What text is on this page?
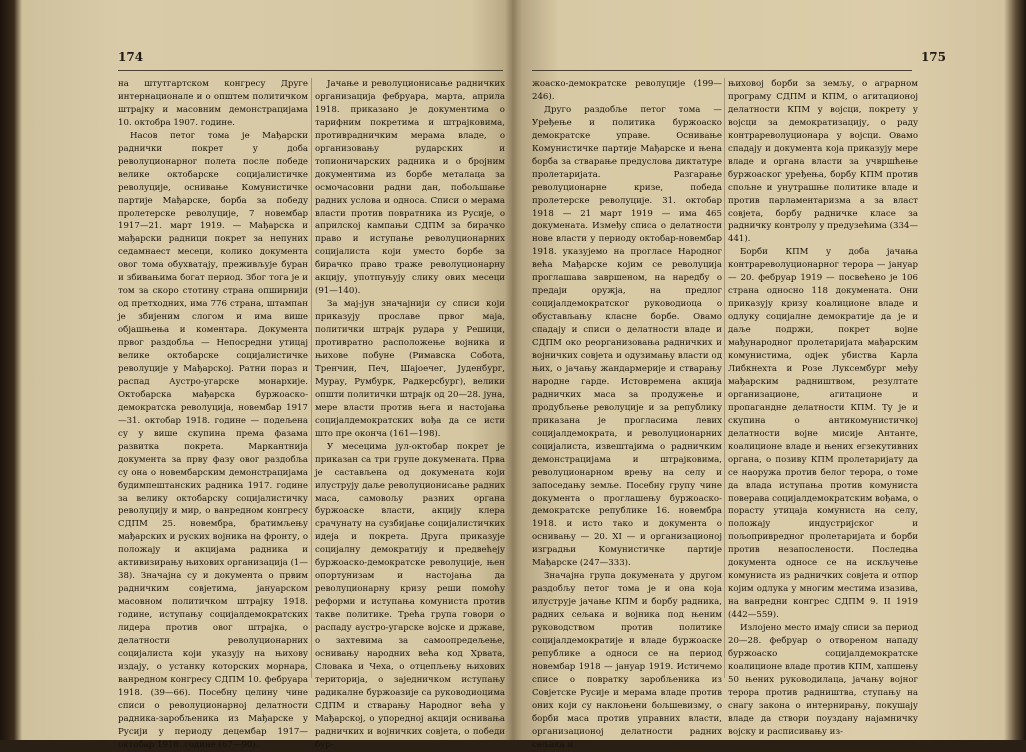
174

на штутгартском конгресу Друге интернационале и о општем политичком штрајку и масовним демонстрацијама 10. октобра 1907. године.

Насов петог тома је Мађарски раднички покрет у доба револуционарног полета после победе велике октобарске социјалистичке револуције, оснивање Комунистичке партије Мађарске, борба за победу пролетерске револуције, 7 новембар 1917—21. март 1919. — Мађарска и мађарски радници покрет за непуних седамнаест месеци, колико документа овог тома обухватају, преживљује буран и збивањима богат период. Због тога је и том за скоро стотину страна опширнији од претходних, има 776 страна, штампан је збијеним слогом и има више објашњења и коментара. Документа првог раздобља — Непосредни утицај велике октобарске социјалистичке револуције у Мађарској. Ратни пораз и распад Аустро-угарске монархије. Октобарска мађарска буржоаско-демократска револуција, новембар 1917—31. октобар 1918. године — подељена су у више скупина према фазама развитка покрета. Маркантнија документа за прву фазу овог раздобља су она о новембарским демонстрацијама будимпештанских радника 1917. године за велику октобарску социјалистичку револуцију и мир, о ванредном конгресу СДПМ 25. новембра, братимљењу мађарских и руских војника на фронту, о положају и акцијама радника и активизирању њихових организација (1—38). Значајна су и документа о првим радничким совјетима, јануарском масовном политичком штрајку 1918. године, иступању социјалдемократских лидера против овог штрајка, о делатности револуционарних социјалиста који указују на њихову издају, о устанку которских морнара, ванредном конгресу СДПМ 10. фебруара 1918. (39—66). Посебну целину чине списи о револуционарној делатности радника-заробљеника из Мађарске у Русији у периоду децембар 1917— октобар 1918. године (67—90).

Јачање и револуционисање радничких организација фебруара, марта, априла 1918. приказано је документима о тарифним покретима и штрајковима, противрадничким мерама владе, о организовању рударских и топионичарских радника и о бројним документима из борбе металаца за осмочасовни радни дан, побољшање радних услова и односа. Списи о мерама власти против повратника из Русије, о априлској кампањи СДПМ за бирачко право и иступање револуционарних социјалиста који уместо борбе за бирачко право траже револуционарну акцију, употпуњују слику ових месеци (91—140).

За мај-јун значајнији су списи који приказују прославе првог маја, политички штрајк рудара у Решици, противратно расположење војника и њихове побуне (Римавска Собота, Тренчин, Печ, Шајоечег, Јуденбург, Мурау, Румбурк, Радкерсбург), велики општи политички штрајк од 20—28. јуна, мере власти против њега и настојања социјалдемократских вођа да се исти што пре оконча (161—198).

У месецима јул-октобар покрет је приказан са три групе докумената. Прва је састављена од докумената који илуструју даље револуционисање радних маса, самовољу разних органа буржоаске власти, акцију клера срачунату на сузбијање социјалистичких идеја и покрета. Друга приказује социјалну демократију и предвећеју буржоаско-демократске револуције, њен опортунизам и настојања да револуционарну кризу реши помоћу реформи и иступања комуниста против такве политике. Трећа група говори о распаду аустро-угарске војске и државе, о захтевима за самоопредељење, оснивању народних већа код Хрвата, Словака и Чеха, о отцепљењу њихових територија, о заједничком иступању радикалне буржоазије са руководиоцима СДПМ и стварању Народног већа у Мађарској, о упоредној акцији оснивања радничких и војничких совјета, о победи бур-

175

жоаско-демократске револуције (199—246).

Друго раздобље петог тома — Уређење и политика буржоаско демократске управе. Оснивање Комунистичке партије Мађарске и њена борба за стварање предуслова диктатуре пролетаријата. Разгарање револуционарне кризе, победа пролетерске револуције. 31. октобар 1918 — 21 март 1919 — има 465 докумената. Између списа о делатности нове власти у периоду октобар-новембар 1918. указујемо на прогласе Народног већа Мађарске којим се револуција проглашава завршеном, на наредбу о предаји оружја, на предлог социјалдемократског руководиоца о обустављању класне борбе. Овамо спадају и списи о делатности владе и СДПМ око реорганизовања радничких и војничких совјета и одузимању власти од њих, о јачању жандармерије и стварању народне гарде. Истовремена акција радничких маса за продужење и продубљење револуције и за републику приказана је прогласима левих социјалдемократа, и револуционарних социјалиста, извештајима о радничким демонстрацијама и штрајковима, револуционарном врењу на селу и запоседању земље. Посебну групу чине документа о проглашењу буржоаско-демократске републике 16. новембра 1918. и исто тако и документа о оснивању — 20. XI — и организационој изградњи Комунистичке партије Мађарске (247—333).

Значајна група докумената у другом раздобљу петог тома је и она која илуструје јачање КПМ и борбу радника, радних сељака и војника под њеним руководством против политике социјалдемократије и владе буржоаске републике а односи се на период новембар 1918 — јануар 1919. Истичемо списе о повратку заробљеника из Совјетске Русије и мерама владе против оних који су наклоњени бољшевизму, о борби маса против управних власти, организационој делатности радних сељака и

њиховој борби за земљу, о аграрном програму СДПМ и КПМ, о агитационој делатности КПМ у војсци, покрету у војсци за демократизацију, о раду контрареволуционара у војсци. Овамо спадају и документа која приказују мере владе и органа власти за учвршћење буржоаског уређења, борбу КПМ против спољне и унутрашње политике владе и против парламентаризма а за власт совјета, борбу радничке класе за радничку контролу у предузећима (334—441).

Борби КПМ у доба јачања контрареволуционарног терора — јануар — 20. фебруар 1919 — посвећено је 106 страна односно 118 докумената. Они приказују кризу коалиционе владе и одлуку социјалне демократије да је и даље подржи, покрет војне мађународног пролетаријата мађарским комунистима, одјек убиства Карла Либкнехта и Розе Луксембург међу мађарским радништвом, резултате организационе, агитационе и пропагандне делатности КПМ. Ту је и скупина о антикомунистичкој делатности војне мисије Антанте, коалиционе владе и њених егзекутивних органа, о позиву КПМ пролетаријату да се наоружа против белог терора, о томе да влада иступања против комуниста поверава социјалдемократским вођама, о порасту утицаја комуниста на селу, положају индустријског и пољопривредног пролетаријата и борби против незапослености. Последња документа односе се на искључење комуниста из радничких совјета и отпор којим одлука у многим местима изазива, на ванредни конгрес СДПМ 9. II 1919 (442—559).

Излојено место имају списи за период 20—28. фебруар о отвореном нападу буржоаско социјалдемократске коалиционе владе против КПМ, хапшењу 50 њених руководилаца, јачању војног терора против радништва, ступању на снагу закона о интернирању, покушају владе да створи поуздану најамничку војску и расписивању из-
